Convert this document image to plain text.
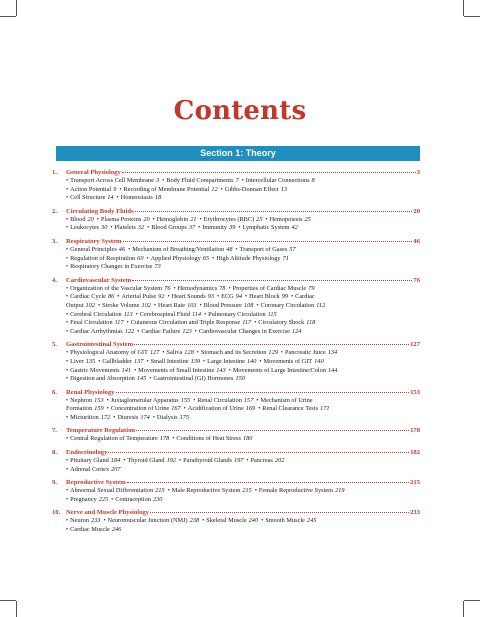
Contents
Section 1: Theory
1.	General Physiology	3
• Transport Across Cell Membrane 3 • Body Fluid Compartments 7 • Intercellular Connections 8
• Action Potential 9 • Recording of Membrane Potential 12 • Gibbs-Donnan Effect 13
• Cell Structure 14 • Homeostasis 18
2.	Circulating Body Fluids	20
• Blood 20 • Plasma Proteins 20 • Hemoglobin 21 • Erythrocytes (RBC) 25 • Hemopoiesis 25
• Leukocytes 30 • Platelets 32 • Blood Groups 37 • Immunity 39 • Lymphatic System 42
3.	Respiratory System	46
• General Principles 46 • Mechanism of Breathing/Ventilation 48 • Transport of Gases 57
• Regulation of Respiration 60 • Applied Physiology 65 • High Altitude Physiology 71
• Respiratory Changes in Exercise 73
4.	Cardiovascular System	76
• Organization of the Vascular System 76 • Hemodynamics 78 • Properties of Cardiac Muscle 79
• Cardiac Cycle 86 • Arterial Pulse 92 • Heart Sounds 93 • ECG 94 • Heart Block 99 • Cardiac
Output 102 • Stroke Volume 102 • Heart Rate 103 • Blood Pressure 108 • Coronary Circulation 112
• Cerebral Circulation 113 • Cerebrospinal Fluid 114 • Pulmonary Circulation 115
• Fetal Circulation 117 • Cutaneous Circulation and Triple Response 117 • Circulatory Shock 118
• Cardiac Arrhythmias 122 • Cardiac Failure 123 • Cardiovascular Changes in Exercise 124
5.	Gastrointestinal System	127
• Physiological Anatomy of GIT 127 • Saliva 128 • Stomach and its Secretion 129 • Pancreatic Juice 134
• Liver 135 • Gallbladder 137 • Small Intestine 139 • Large Intestine 140 • Movements of GIT 140
• Gastric Movements 141 • Movements of Small Intestine 143 • Movements of Large Intestine/Colon 144
• Digestion and Absorption 145 • Gastrointestinal (GI) Hormones 150
6.	Renal Physiology	153
• Nephron 153 • Juxtaglomerular Apparatus 155 • Renal Circulation 157 • Mechanism of Urine
Formation 159 • Concentration of Urine 167 • Acidification of Urine 169 • Renal Clearance Tests 171
• Micturition 172 • Diuresis 174 • Dialysis 175
7.	Temperature Regulation	178
• Central Regulation of Temperature 178 • Conditions of Heat Stress 180
8.	Endocrinology	182
• Pituitary Gland 184 • Thyroid Gland 192 • Parathyroid Glands 197 • Pancreas 202
• Adrenal Cortex 207
9.	Reproductive System	215
• Abnormal Sexual Differentiation 215 • Male Reproductive System 215 • Female Reproductive System 219
• Pregnancy 225 • Contraception 230
10. Nerve and Muscle Physiology	233
• Neuron 233 • Neuromuscular Junction (NMJ) 238 • Skeletal Muscle 240 • Smooth Muscle 245
• Cardiac Muscle 246
